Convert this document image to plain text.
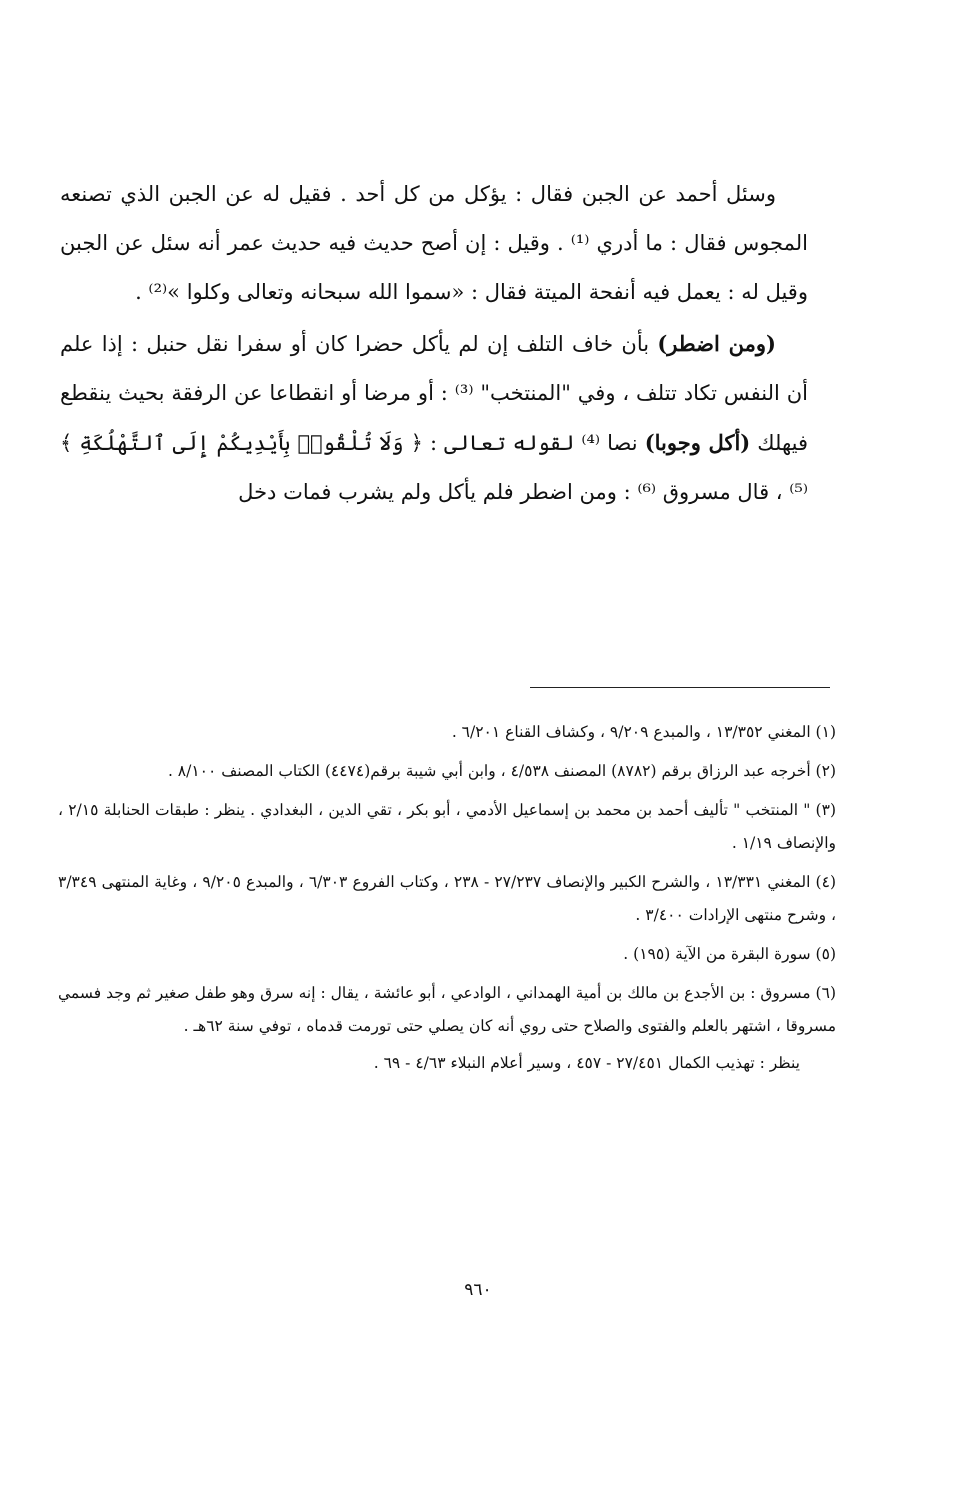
وسئل أحمد عن الجبن فقال : يؤكل من كل أحد . فقيل له عن الجبن الذي تصنعه المجوس فقال : ما أدري ⁽¹⁾ . وقيل : إن أصح حديث فيه حديث عمر أنه سئل عن الجبن وقيل له : يعمل فيه أنفحة الميتة فقال : «سموا الله سبحانه وتعالى وكلوا »⁽²⁾ .

(ومن اضطر) بأن خاف التلف إن لم يأكل حضرا كان أو سفرا نقل حنبل : إذا علم أن النفس تكاد تتلف ، وفي "المنتخب" ⁽³⁾ : أو مرضا أو انقطاعا عن الرفقة بحيث ينقطع فيهلك (أكل وجوبا) نصا ⁽⁴⁾ لقوله تعالى : ﴿ وَلَا تُلْقُوا۟ بِأَيْدِيكُمْ إِلَى ٱلتَّهْلُكَةِ ﴾ ⁽⁵⁾ ، قال مسروق ⁽⁶⁾ : ومن اضطر فلم يأكل ولم يشرب فمات دخل

(١) المغني ١٣/٣٥٢ ، والمبدع ٩/٢٠٩ ، وكشاف القناع ٦/٢٠١ .
(٢) أخرجه عبد الرزاق برقم (٨٧٨٢) المصنف ٤/٥٣٨ ، وابن أبي شيبة برقم(٤٤٧٤) الكتاب المصنف ٨/١٠٠ .
(٣) " المنتخب " تأليف أحمد بن محمد بن إسماعيل الأدمي ، أبو بكر ، تقي الدين ، البغدادي . ينظر : طبقات الحنابلة ٢/١٥ ، والإنصاف ١/١٩ .
(٤) المغني ١٣/٣٣١ ، والشرح الكبير والإنصاف ٢٧/٢٣٧ - ٢٣٨ ، وكتاب الفروع ٦/٣٠٣ ، والمبدع ٩/٢٠٥ ، وغاية المنتهى ٣/٣٤٩ ، وشرح منتهى الإرادات ٣/٤٠٠ .
(٥) سورة البقرة من الآية (١٩٥) .
(٦) مسروق : بن الأجدع بن مالك بن أمية الهمداني ، الوادعي ، أبو عائشة ، يقال : إنه سرق وهو طفل صغير ثم وجد فسمي مسروقا ، اشتهر بالعلم والفتوى والصلاح حتى روي أنه كان يصلي حتى تورمت قدماه ، توفي سنة ٦٢هـ .
ينظر : تهذيب الكمال ٢٧/٤٥١ - ٤٥٧ ، وسير أعلام النبلاء ٤/٦٣ - ٦٩ .
٩٦٠
